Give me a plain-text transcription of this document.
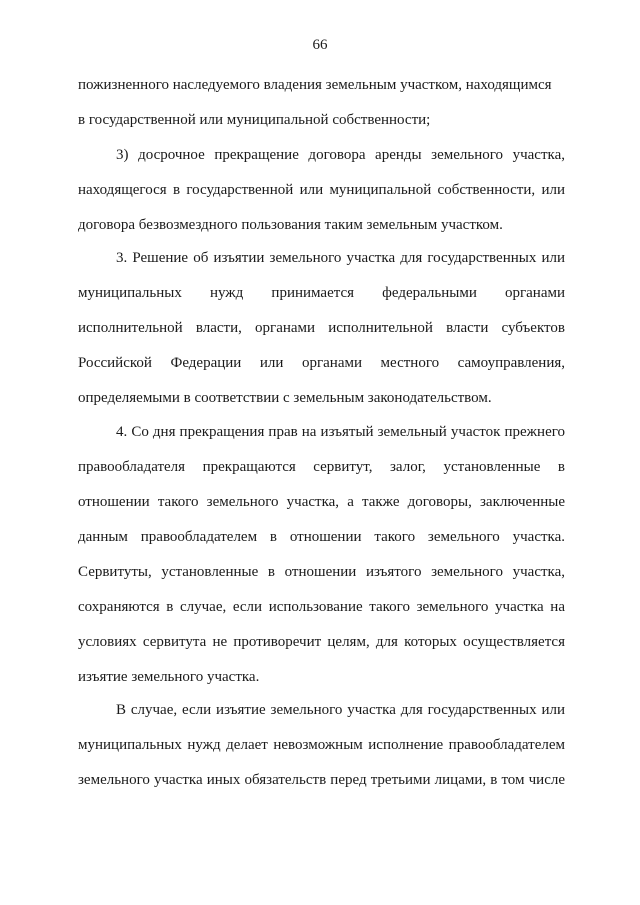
66
пожизненного наследуемого владения земельным участком, находящимся
в государственной или муниципальной собственности;
3) досрочное прекращение договора аренды земельного участка,
находящегося в государственной или муниципальной собственности, или
договора безвозмездного пользования таким земельным участком.
3. Решение об изъятии земельного участка для государственных или
муниципальных нужд принимается федеральными органами
исполнительной власти, органами исполнительной власти субъектов
Российской Федерации или органами местного самоуправления,
определяемыми в соответствии с земельным законодательством.
4. Со дня прекращения прав на изъятый земельный участок прежнего
правообладателя прекращаются сервитут, залог, установленные в
отношении такого земельного участка, а также договоры, заключенные
данным правообладателем в отношении такого земельного участка.
Сервитуты, установленные в отношении изъятого земельного участка,
сохраняются в случае, если использование такого земельного участка на
условиях сервитута не противоречит целям, для которых осуществляется
изъятие земельного участка.
В случае, если изъятие земельного участка для государственных или
муниципальных нужд делает невозможным исполнение правообладателем
земельного участка иных обязательств перед третьими лицами, в том числе
